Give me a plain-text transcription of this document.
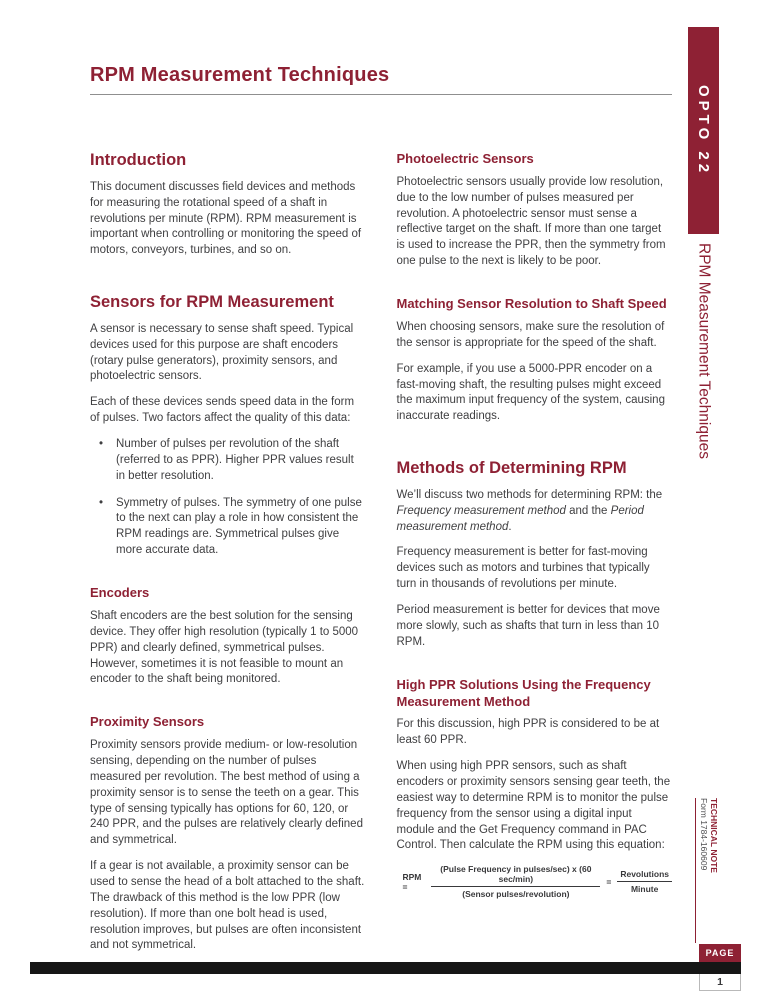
RPM Measurement Techniques
Introduction

This document discusses field devices and methods for measuring the rotational speed of a shaft in revolutions per minute (RPM). RPM measurement is important when controlling or monitoring the speed of motors, conveyors, turbines, and so on.

Sensors for RPM Measurement

A sensor is necessary to sense shaft speed. Typical devices used for this purpose are shaft encoders (rotary pulse generators), proximity sensors, and photoelectric sensors.

Each of these devices sends speed data in the form of pulses. Two factors affect the quality of this data:

• Number of pulses per revolution of the shaft (referred to as PPR). Higher PPR values result in better resolution.
• Symmetry of pulses. The symmetry of one pulse to the next can play a role in how consistent the RPM readings are. Symmetrical pulses give more accurate data.
Encoders

Shaft encoders are the best solution for the sensing device. They offer high resolution (typically 1 to 5000 PPR) and clearly defined, symmetrical pulses. However, sometimes it is not feasible to mount an encoder to the shaft being monitored.

Proximity Sensors

Proximity sensors provide medium- or low-resolution sensing, depending on the number of pulses measured per revolution. The best method of using a proximity sensor is to sense the teeth on a gear. This type of sensing typically has options for 60, 120, or 240 PPR, and the pulses are relatively clearly defined and symmetrical.

If a gear is not available, a proximity sensor can be used to sense the head of a bolt attached to the shaft. The drawback of this method is the low PPR (low resolution). If more than one bolt head is used, resolution improves, but pulses are often inconsistent and not symmetrical.

Photoelectric Sensors

Photoelectric sensors usually provide low resolution, due to the low number of pulses measured per revolution. A photoelectric sensor must sense a reflective target on the shaft. If more than one target is used to increase the PPR, then the symmetry from one pulse to the next is likely to be poor.

Matching Sensor Resolution to Shaft Speed

When choosing sensors, make sure the resolution of the sensor is appropriate for the speed of the shaft.

For example, if you use a 5000-PPR encoder on a fast-moving shaft, the resulting pulses might exceed the maximum input frequency of the system, causing inaccurate readings.

Methods of Determining RPM

We’ll discuss two methods for determining RPM: the Frequency measurement method and the Period measurement method.

Frequency measurement is better for fast-moving devices such as motors and turbines that typically turn in thousands of revolutions per minute.

Period measurement is better for devices that move more slowly, such as shafts that turn in less than 10 RPM.

High PPR Solutions Using the Frequency Measurement Method

For this discussion, high PPR is considered to be at least 60 PPR.

When using high PPR sensors, such as shaft encoders or proximity sensors sensing gear teeth, the easiest way to determine RPM is to monitor the pulse frequency from the sensor using a digital input module and the Get Frequency command in PAC Control. Then calculate the RPM using this equation:

RPM =	$\frac{\text{(Pulse Frequency in pulses/sec) x (60 sec/min)}}{\text{(Sensor pulses/revolution)}} = \frac{\text{Revolutions}}{\text{Minute}}$
OPTO 22
RPM Measurement Techniques
TECHNICAL NOTE
Form 1784-160609
PAGE
1
